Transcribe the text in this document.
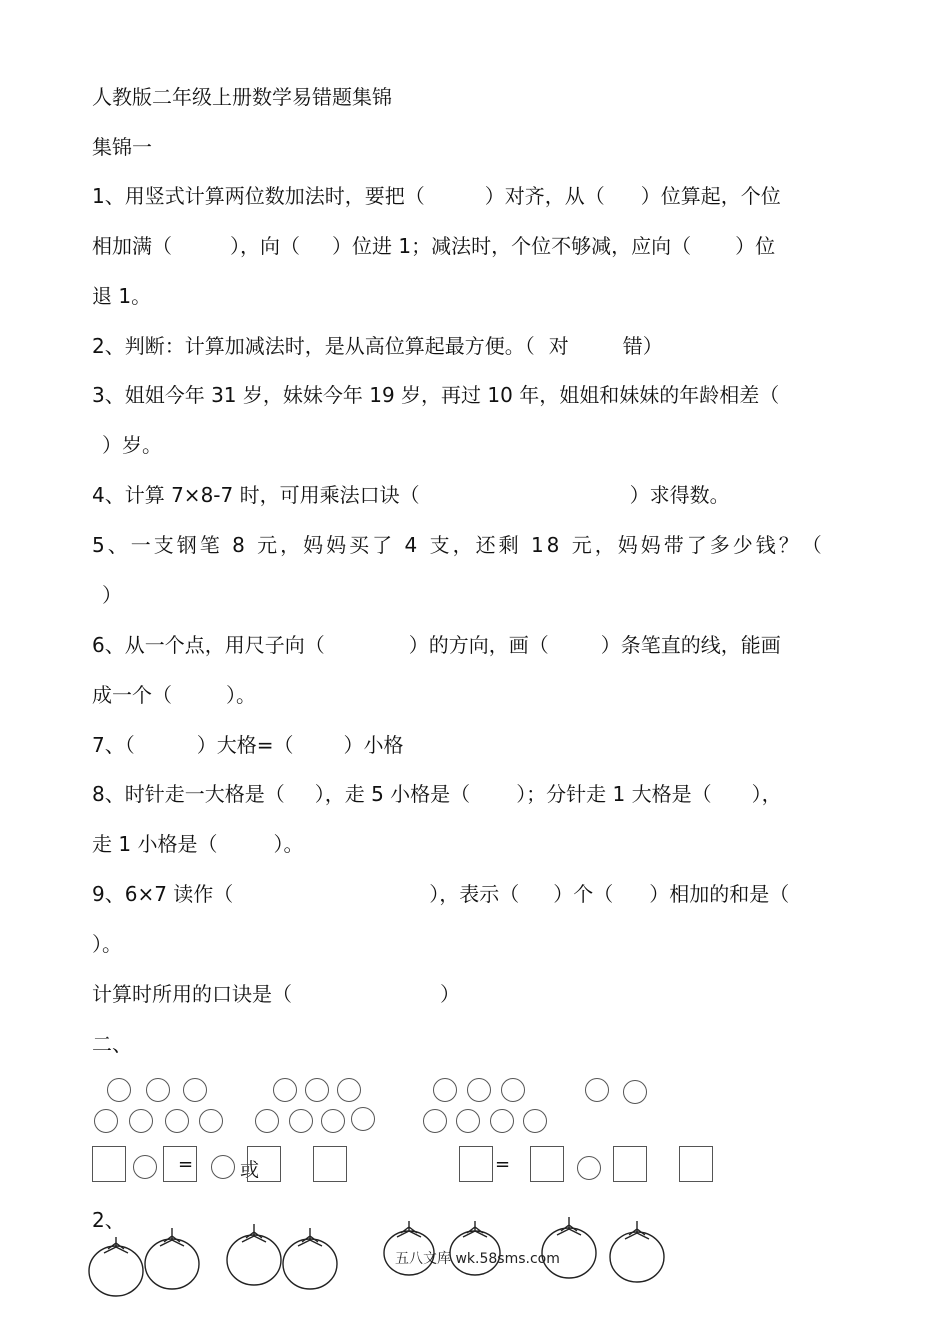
人教版二年级上册数学易错题集锦
集锦一
1、用竖式计算两位数加法时，要把（	）对齐，从（ ）位算起，个位
相加满（	），向（ ）位进 1；减法时，个位不够减，应向（ ）位
退 1。
2、判断：计算加减法时，是从高位算起最方便。（ 对	错）
3、姐姐今年 31 岁，妹妹今年 19 岁，再过 10 年，姐姐和妹妹的年龄相差（
）岁。
4、计算 7×8-7 时，可用乘法口诀（	）求得数。
5、一支钢笔 8 元，妈妈买了 4 支，还剩 18 元，妈妈带了多少钱？（
）
6、从一个点，用尺子向（	）的方向，画（	）条笔直的线，能画
成一个（	）。
7、（	）大格=（	）小格
8、时针走一大格是（ ），走 5 小格是（ ）；分针走 1 大格是（ ），
走 1 小格是（	）。
9、6×7 读作（	），表示（ ）个（ ）相加的和是（
）。
计算时所用的口诀是（	）
二、
= 或	=
2、
五八文库 wk.58sms.com
